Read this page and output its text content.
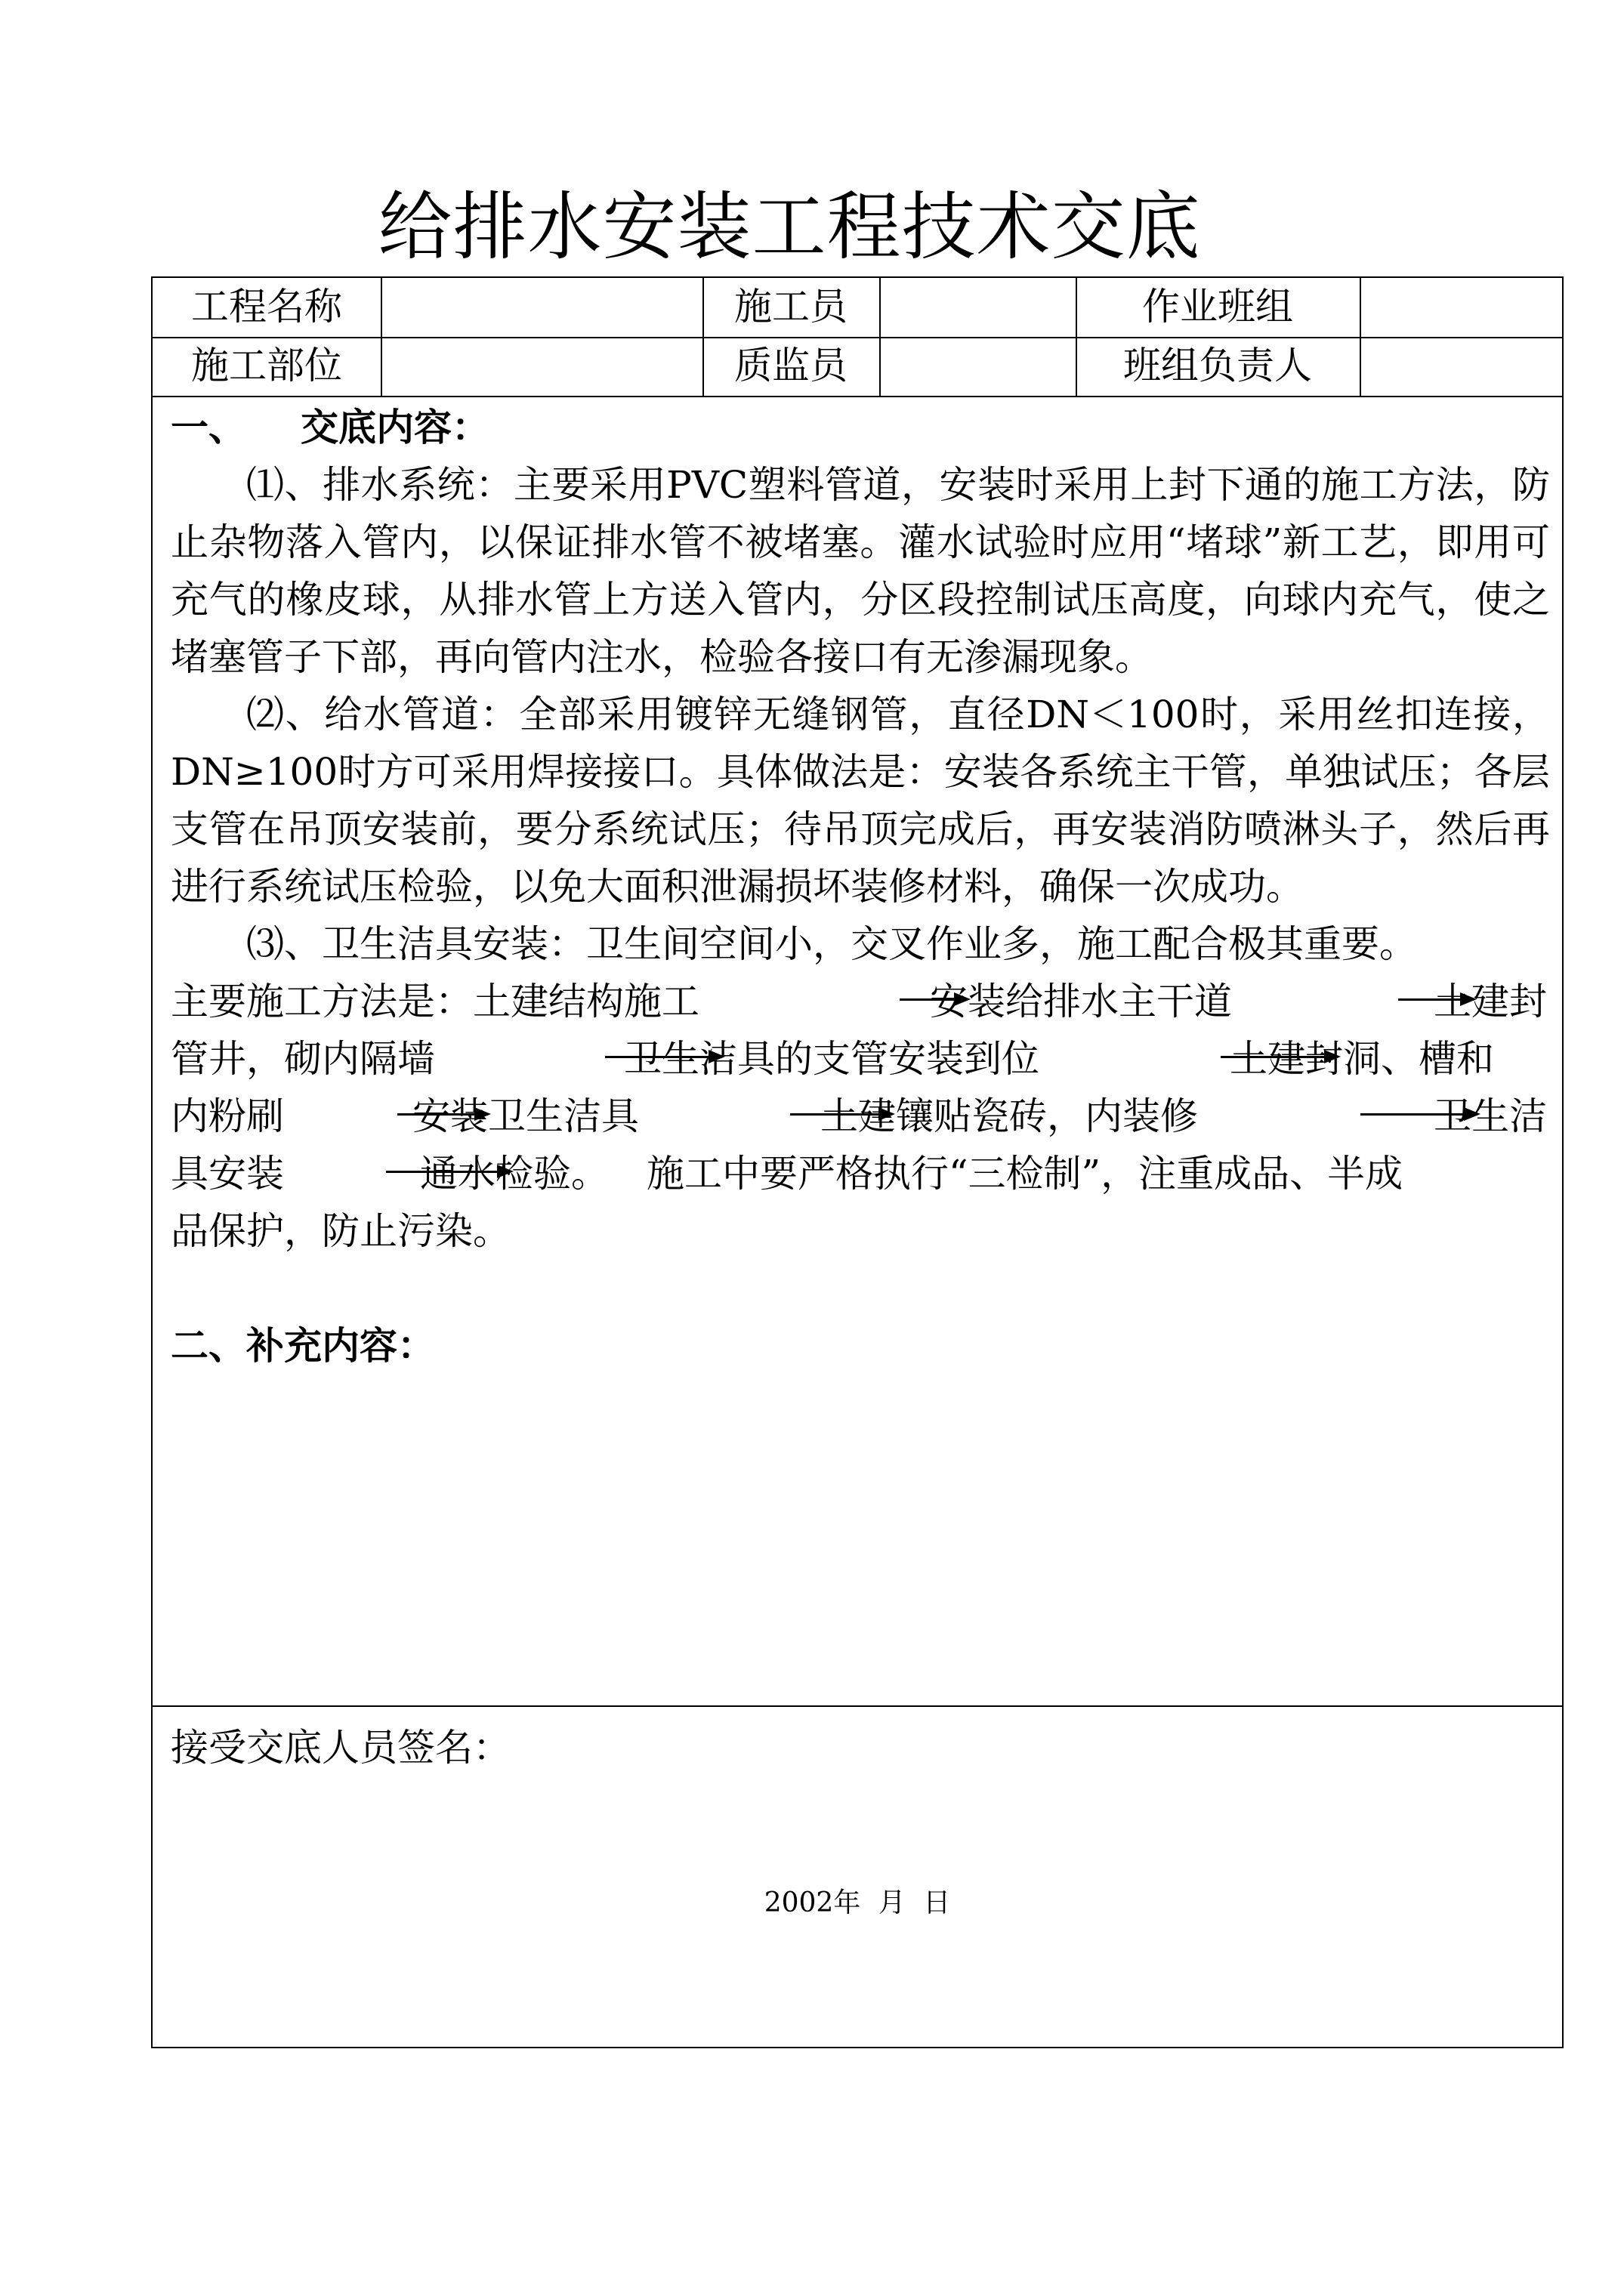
给排水安装工程技术交底
工程名称	施工员	作业班组
施工部位	质监员	班组负责人
一、 交底内容：
⑴、排水系统：主要采用PVC塑料管道，安装时采用上封下通的施工方法，防止杂物落入管内，以保证排水管不被堵塞。灌水试验时应用“堵球”新工艺，即用可充气的橡皮球，从排水管上方送入管内，分区段控制试压高度，向球内充气，使之堵塞管子下部，再向管内注水，检验各接口有无渗漏现象。
⑵、给水管道：全部采用镀锌无缝钢管，直径DN＜100时，采用丝扣连接，DN≥100时方可采用焊接接口。具体做法是：安装各系统主干管，单独试压；各层支管在吊顶安装前，要分系统试压；待吊顶完成后，再安装消防喷淋头子，然后再进行系统试压检验，以免大面积泄漏损坏装修材料，确保一次成功。
⑶、卫生洁具安装：卫生间空间小，交叉作业多，施工配合极其重要。
主要施工方法是： 土建结构施工	安装给排水主干道	土建封
管井，砌内隔墙	卫生洁具的支管安装到位	土建封洞、槽和
内粉刷	安装卫生洁具	土建镶贴瓷砖，内装修	卫生洁
具安装	通水检验。 施工中要严格执行“三检制”，注重成品、半成
品保护，防止污染。
二、补充内容：
接受交底人员签名：
2002年 月 日
